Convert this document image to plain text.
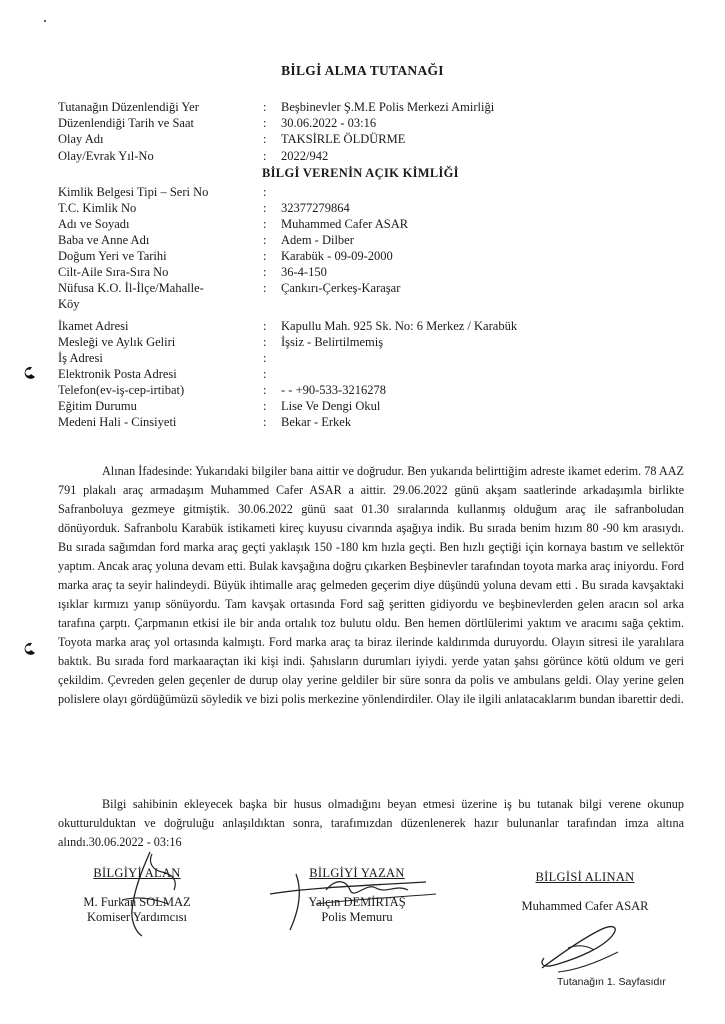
BİLGİ ALMA TUTANAĞI
Tutanağın Düzenlendiği Yer	: Beşbinevler Ş.M.E Polis Merkezi Amirliği
Düzenlendiği Tarih ve Saat	: 30.06.2022 - 03:16
Olay Adı	: TAKSİRLE ÖLDÜRME
Olay/Evrak Yıl-No	: 2022/942
BİLGİ VERENİN AÇIK KİMLİĞİ
Kimlik Belgesi Tipi – Seri No	:
T.C. Kimlik No	: 32377279864
Adı ve Soyadı	: Muhammed Cafer ASAR
Baba ve Anne Adı	: Adem - Dilber
Doğum Yeri ve Tarihi	: Karabük - 09-09-2000
Cilt-Aile Sıra-Sıra No	: 36-4-150
Nüfusa K.O. İl-İlçe/Mahalle-	: Çankırı-Çerkeş-Karaşar
Köy
İkamet Adresi	: Kapullu Mah. 925 Sk. No: 6 Merkez / Karabük
Mesleği ve Aylık Geliri	: İşsiz - Belirtilmemiş
İş Adresi	:
Elektronik Posta Adresi	:
Telefon(ev-iş-cep-irtibat)	: - - +90-533-3216278
Eğitim Durumu	: Lise Ve Dengi Okul
Medeni Hali - Cinsiyeti	: Bekar - Erkek
Alınan İfadesinde: Yukarıdaki bilgiler bana aittir ve doğrudur. Ben yukarıda belirttiğim adreste ikamet ederim. 78 AAZ 791 plakalı araç armadaşım Muhammed Cafer ASAR a aittir. 29.06.2022 günü akşam saatlerinde arkadaşımla birlikte Safranboluya gezmeye gitmiştik. 30.06.2022 günü saat 01.30 sıralarında kullanmış olduğum araç ile safranboludan dönüyorduk. Safranbolu Karabük istikameti kireç kuyusu civarında aşağıya indik. Bu sırada benim hızım 80 -90 km arasıydı. Bu sırada sağımdan ford marka araç geçti yaklaşık 150 -180 km hızla geçti. Ben hızlı geçtiği için kornaya bastım ve sellektör yaptım. Ancak araç yoluna devam etti. Bulak kavşağına doğru çıkarken Beşbinevler tarafından toyota marka araç iniyordu. Ford marka araç ta seyir halindeydi. Büyük ihtimalle araç gelmeden geçerim diye düşündü yoluna devam etti . Bu sırada kavşaktaki ışıklar kırmızı yanıp sönüyordu. Tam kavşak ortasında Ford sağ şeritten gidiyordu ve beşbinevlerden gelen aracın sol arka tarafına çarptı. Çarpmanın etkisi ile bir anda ortalık toz bulutu oldu. Ben hemen dörtlülerimi yaktım ve aracımı sağa çektim. Toyota marka araç yol ortasında kalmıştı. Ford marka araç ta biraz ilerinde kaldırımda duruyordu. Olayın sitresi ile yaralılara baktık. Bu sırada ford markaaraçtan iki kişi indi. Şahısların durumları iyiydi. yerde yatan şahsı görünce kötü oldum ve geri çekildim. Çevreden gelen geçenler de durup olay yerine geldiler bir süre sonra da polis ve ambulans geldi. Olay yerine gelen polislere olayı gördüğümüzü söyledik ve bizi polis merkezine yönlendirdiler. Olay ile ilgili anlatacaklarım bundan ibarettir dedi.
Bilgi sahibinin ekleyecek başka bir husus olmadığını beyan etmesi üzerine iş bu tutanak bilgi verene okunup okutturulduktan ve doğruluğu anlaşıldıktan sonra, tarafımızdan düzenlenerek hazır bulunanlar tarafından imza altına alındı.30.06.2022 - 03:16
BİLGİYİ ALAN
M. Furkan SOLMAZ
Komiser Yardımcısı
BİLGİYİ YAZAN
Yalçın DEMİRTAŞ
Polis Memuru
BİLGİSİ ALINAN
Muhammed Cafer ASAR
Tutanağın 1. Sayfasıdır
